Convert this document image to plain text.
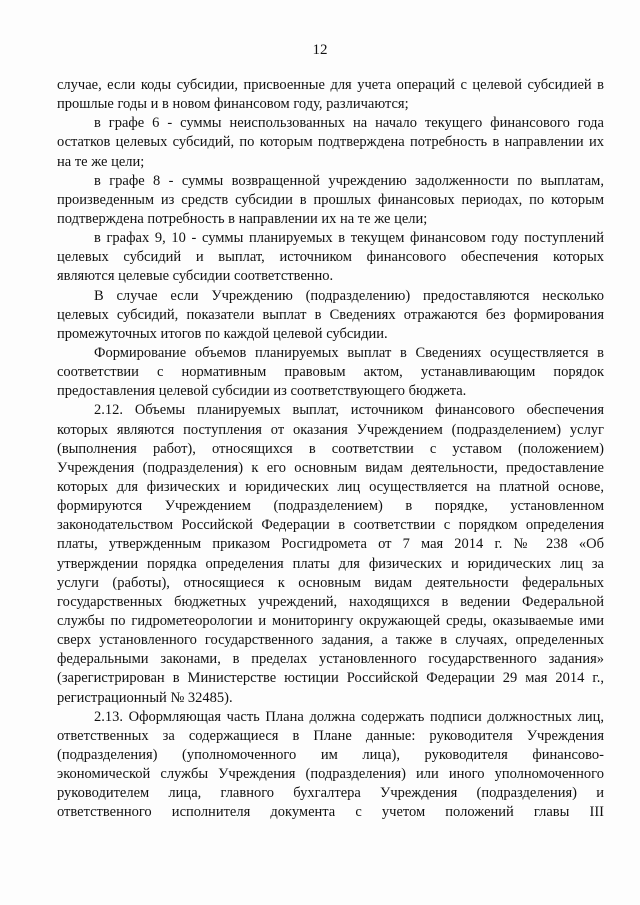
12
случае, если коды субсидии, присвоенные для учета операций с целевой субсидией в
прошлые годы и в новом финансовом году, различаются;
в графе 6 - суммы неиспользованных на начало текущего финансового года
остатков целевых субсидий, по которым подтверждена потребность в направлении их
на те же цели;
в графе 8 - суммы возвращенной учреждению задолженности по выплатам,
произведенным из средств субсидии в прошлых финансовых периодах, по которым
подтверждена потребность в направлении их на те же цели;
в графах 9, 10 - суммы планируемых в текущем финансовом году поступлений
целевых субсидий и выплат, источником финансового обеспечения которых
являются целевые субсидии соответственно.
В случае если Учреждению (подразделению) предоставляются несколько
целевых субсидий, показатели выплат в Сведениях отражаются без формирования
промежуточных итогов по каждой целевой субсидии.
Формирование объемов планируемых выплат в Сведениях осуществляется в
соответствии с нормативным правовым актом, устанавливающим порядок
предоставления целевой субсидии из соответствующего бюджета.
2.12. Объемы планируемых выплат, источником финансового обеспечения
которых являются поступления от оказания Учреждением (подразделением) услуг
(выполнения работ), относящихся в соответствии с уставом (положением)
Учреждения (подразделения) к его основным видам деятельности, предоставление
которых для физических и юридических лиц осуществляется на платной основе,
формируются Учреждением (подразделением) в порядке, установленном
законодательством Российской Федерации в соответствии с порядком определения
платы, утвержденным приказом Росгидромета от 7 мая 2014 г. № 238 «Об
утверждении порядка определения платы для физических и юридических лиц за
услуги (работы), относящиеся к основным видам деятельности федеральных
государственных бюджетных учреждений, находящихся в ведении Федеральной
службы по гидрометеорологии и мониторингу окружающей среды, оказываемые ими
сверх установленного государственного задания, а также в случаях, определенных
федеральными законами, в пределах установленного государственного задания»
(зарегистрирован в Министерстве юстиции Российской Федерации 29 мая 2014 г.,
регистрационный № 32485).
2.13. Оформляющая часть Плана должна содержать подписи должностных лиц,
ответственных за содержащиеся в Плане данные: руководителя Учреждения
(подразделения) (уполномоченного им лица), руководителя финансово-
экономической службы Учреждения (подразделения) или иного уполномоченного
руководителем лица, главного бухгалтера Учреждения (подразделения) и
ответственного исполнителя документа с учетом положений главы III
